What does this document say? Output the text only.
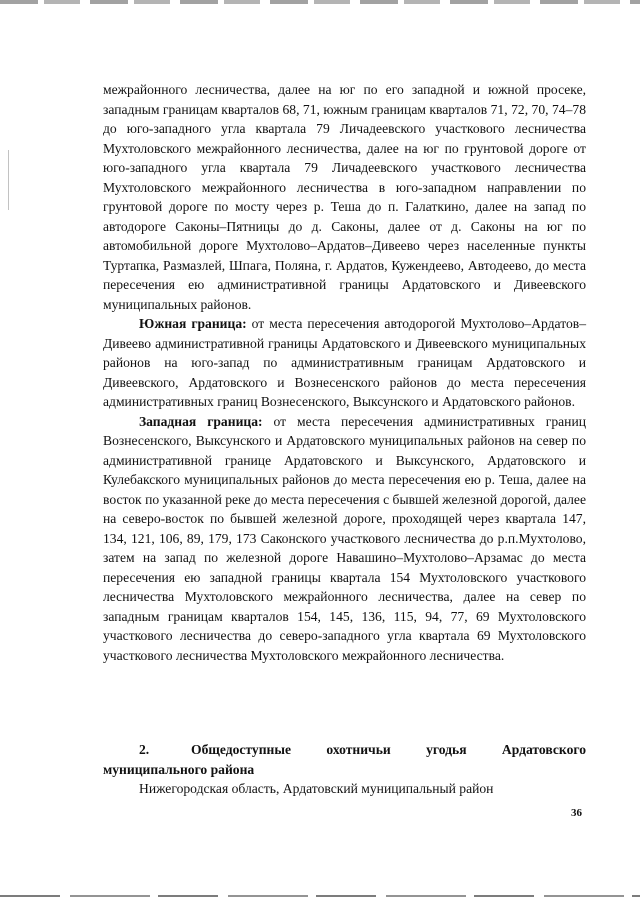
межрайонного лесничества, далее на юг по его западной и южной просеке, западным границам кварталов 68, 71, южным границам кварталов 71, 72, 70, 74–78 до юго-западного угла квартала 79 Личадеевского участкового лесничества Мухтоловского межрайонного лесничества, далее на юг по грунтовой дороге от юго-западного угла квартала 79 Личадеевского участкового лесничества Мухтоловского межрайонного лесничества в юго-западном направлении по грунтовой дороге по мосту через р. Теша до п. Галаткино, далее на запад по автодороге Саконы–Пятницы до д. Саконы, далее от д. Саконы на юг по автомобильной дороге Мухтолово–Ардатов–Дивеево через населенные пункты Туртапка, Размазлей, Шпага, Поляна, г. Ардатов, Кужендеево, Автодеево, до места пересечения ею административной границы Ардатовского и Дивеевского муниципальных районов.

Южная граница: от места пересечения автодорогой Мухтолово–Ардатов–Дивеево административной границы Ардатовского и Дивеевского муниципальных районов на юго-запад по административным границам Ардатовского и Дивеевского, Ардатовского и Вознесенского районов до места пересечения административных границ Вознесенского, Выксунского и Ардатовского районов.

Западная граница: от места пересечения административных границ Вознесенского, Выксунского и Ардатовского муниципальных районов на север по административной границе Ардатовского и Выксунского, Ардатовского и Кулебакского муниципальных районов до места пересечения ею р. Теша, далее на восток по указанной реке до места пересечения с бывшей железной дорогой, далее на северо-восток по бывшей железной дороге, проходящей через квартала 147, 134, 121, 106, 89, 179, 173 Саконского участкового лесничества до р.п.Мухтолово, затем на запад по железной дороге Навашино–Мухтолово–Арзамас до места пересечения ею западной границы квартала 154 Мухтоловского участкового лесничества Мухтоловского межрайонного лесничества, далее на север по западным границам кварталов 154, 145, 136, 115, 94, 77, 69 Мухтоловского участкового лесничества до северо-западного угла квартала 69 Мухтоловского участкового лесничества Мухтоловского межрайонного лесничества.

2.	Общедоступные охотничьи угодья Ардатовского
муниципального района
Нижегородская область, Ардатовский муниципальный район
36
